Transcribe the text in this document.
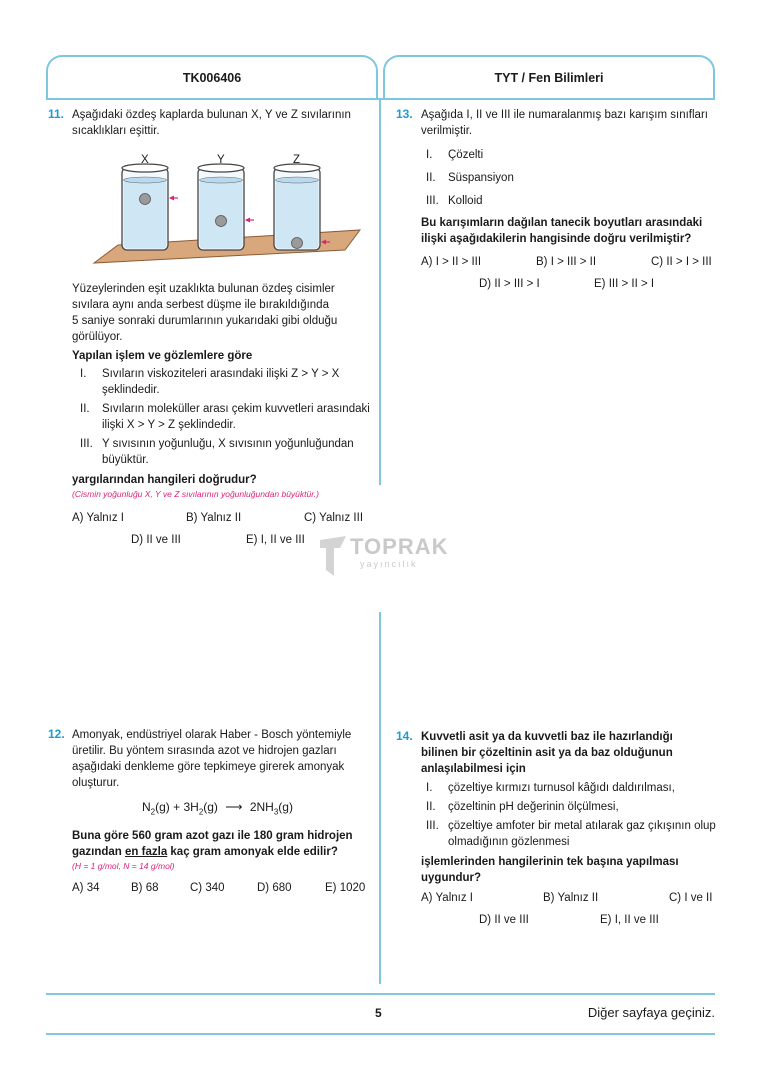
TK006406	TYT / Fen Bilimleri
11. Aşağıdaki özdeş kaplarda bulunan X, Y ve Z sıvılarının
sıcaklıkları eşittir.
X	Y	Z
Yüzeylerinden eşit uzaklıkta bulunan özdeş cisimler
sıvılara aynı anda serbest düşme ile bırakıldığında
5 saniye sonraki durumlarının yukarıdaki gibi olduğu
görülüyor.
Yapılan işlem ve gözlemlere göre
I. Sıvıların viskoziteleri arasındaki ilişki Z > Y > X
şeklindedir.
II. Sıvıların moleküller arası çekim kuvvetleri arasındaki
ilişki X > Y > Z şeklindedir.
III. Y sıvısının yoğunluğu, X sıvısının yoğunluğundan
büyüktür.
yargılarından hangileri doğrudur?
(Cismin yoğunluğu X, Y ve Z sıvılarının yoğunluğundan büyüktür.)
A) Yalnız I	B) Yalnız II	C) Yalnız III
D) II ve III	E) I, II ve III TOPRAK
yayıncılık
12. Amonyak, endüstriyel olarak Haber - Bosch yöntemiyle
üretilir. Bu yöntem sırasında azot ve hidrojen gazları
aşağıdaki denkleme göre tepkimeye girerek amonyak
oluşturur.
$N_2(g) + 3H_2(g)$ ⟶ $2NH_3(g)$
Buna göre 560 gram azot gazı ile 180 gram hidrojen
gazından en fazla kaç gram amonyak elde edilir?
(H = 1 g/mol, N = 14 g/mol)
A) 34	B) 68	C) 340	D) 680	E) 1020
13. Aşağıda I, II ve III ile numaralanmış bazı karışım sınıfları
verilmiştir.
I. Çözelti
II. Süspansiyon
III. Kolloid
Bu karışımların dağılan tanecik boyutları arasındaki
ilişki aşağıdakilerin hangisinde doğru verilmiştir?
A) I > II > III	B) I > III > II	C) II > I > III
D) II > III > I	E) III > II > I
14. Kuvvetli asit ya da kuvvetli baz ile hazırlandığı
bilinen bir çözeltinin asit ya da baz olduğunun
anlaşılabilmesi için
I. çözeltiye kırmızı turnusol kâğıdı daldırılması,
II. çözeltinin pH değerinin ölçülmesi,
III. çözeltiye amfoter bir metal atılarak gaz çıkışının olup
olmadığının gözlenmesi
işlemlerinden hangilerinin tek başına yapılması
uygundur?
A) Yalnız I	B) Yalnız II	C) I ve II
D) II ve III	E) I, II ve III
5	Diğer sayfaya geçiniz.
